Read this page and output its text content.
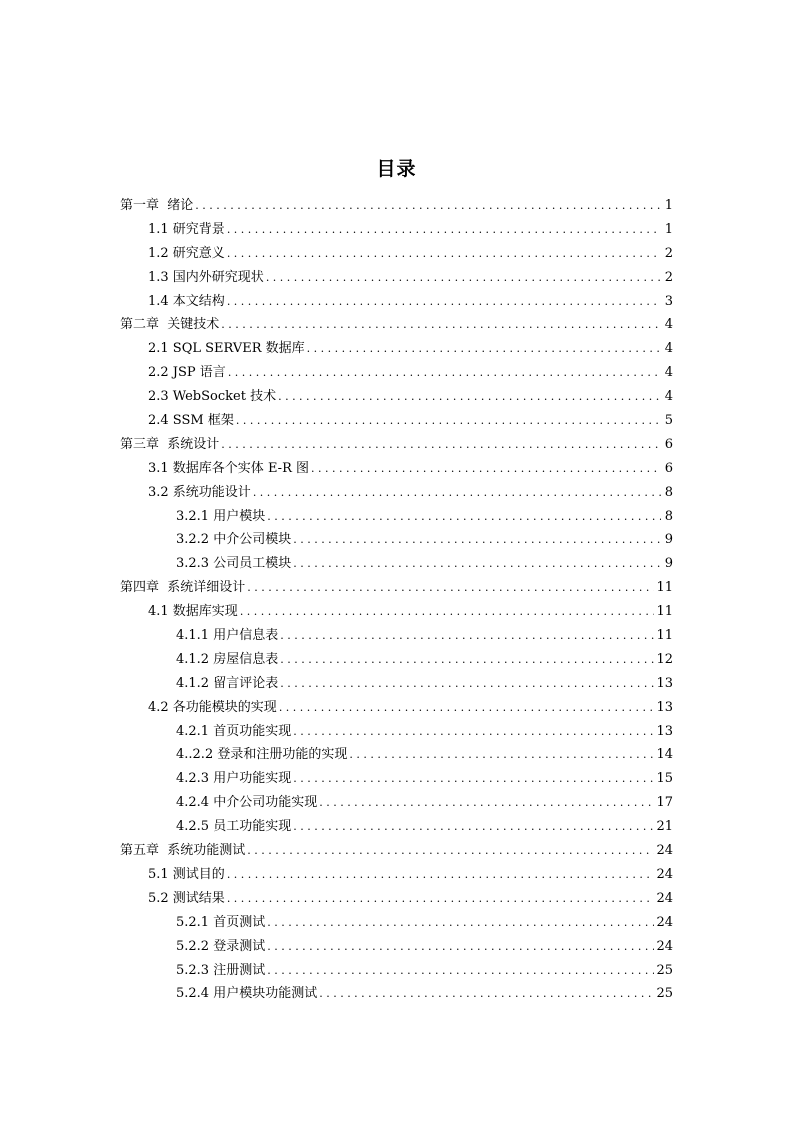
目录
第一章  绪论 . . .	1
1.1 研究背景 . . .	1
1.2 研究意义 . . .	2
1.3 国内外研究现状 . . .	2
1.4 本文结构 . . .	3
第二章  关键技术 . . .	4
2.1 SQL SERVER 数据库 . . .	4
2.2 JSP 语言 . . .	4
2.3 WebSocket 技术 . . .	4
2.4 SSM 框架 . . .	5
第三章  系统设计 . . .	6
3.1 数据库各个实体 E-R 图 . . .	6
3.2 系统功能设计 . . .	8
3.2.1 用户模块 . . .	8
3.2.2 中介公司模块 . . .	9
3.2.3 公司员工模块 . . .	9
第四章  系统详细设计 . . .	11
4.1 数据库实现 . . .	11
4.1.1 用户信息表 . . .	11
4.1.2 房屋信息表 . . .	12
4.1.2 留言评论表 . . .	13
4.2 各功能模块的实现 . . .	13
4.2.1 首页功能实现 . . .	13
4..2.2 登录和注册功能的实现 . . .	14
4.2.3 用户功能实现 . . .	15
4.2.4 中介公司功能实现 . . .	17
4.2.5 员工功能实现 . . .	21
第五章  系统功能测试 . . .	24
5.1 测试目的 . . .	24
5.2 测试结果 . . .	24
5.2.1 首页测试 . . .	24
5.2.2 登录测试 . . .	24
5.2.3 注册测试 . . .	25
5.2.4 用户模块功能测试 . . .	25
